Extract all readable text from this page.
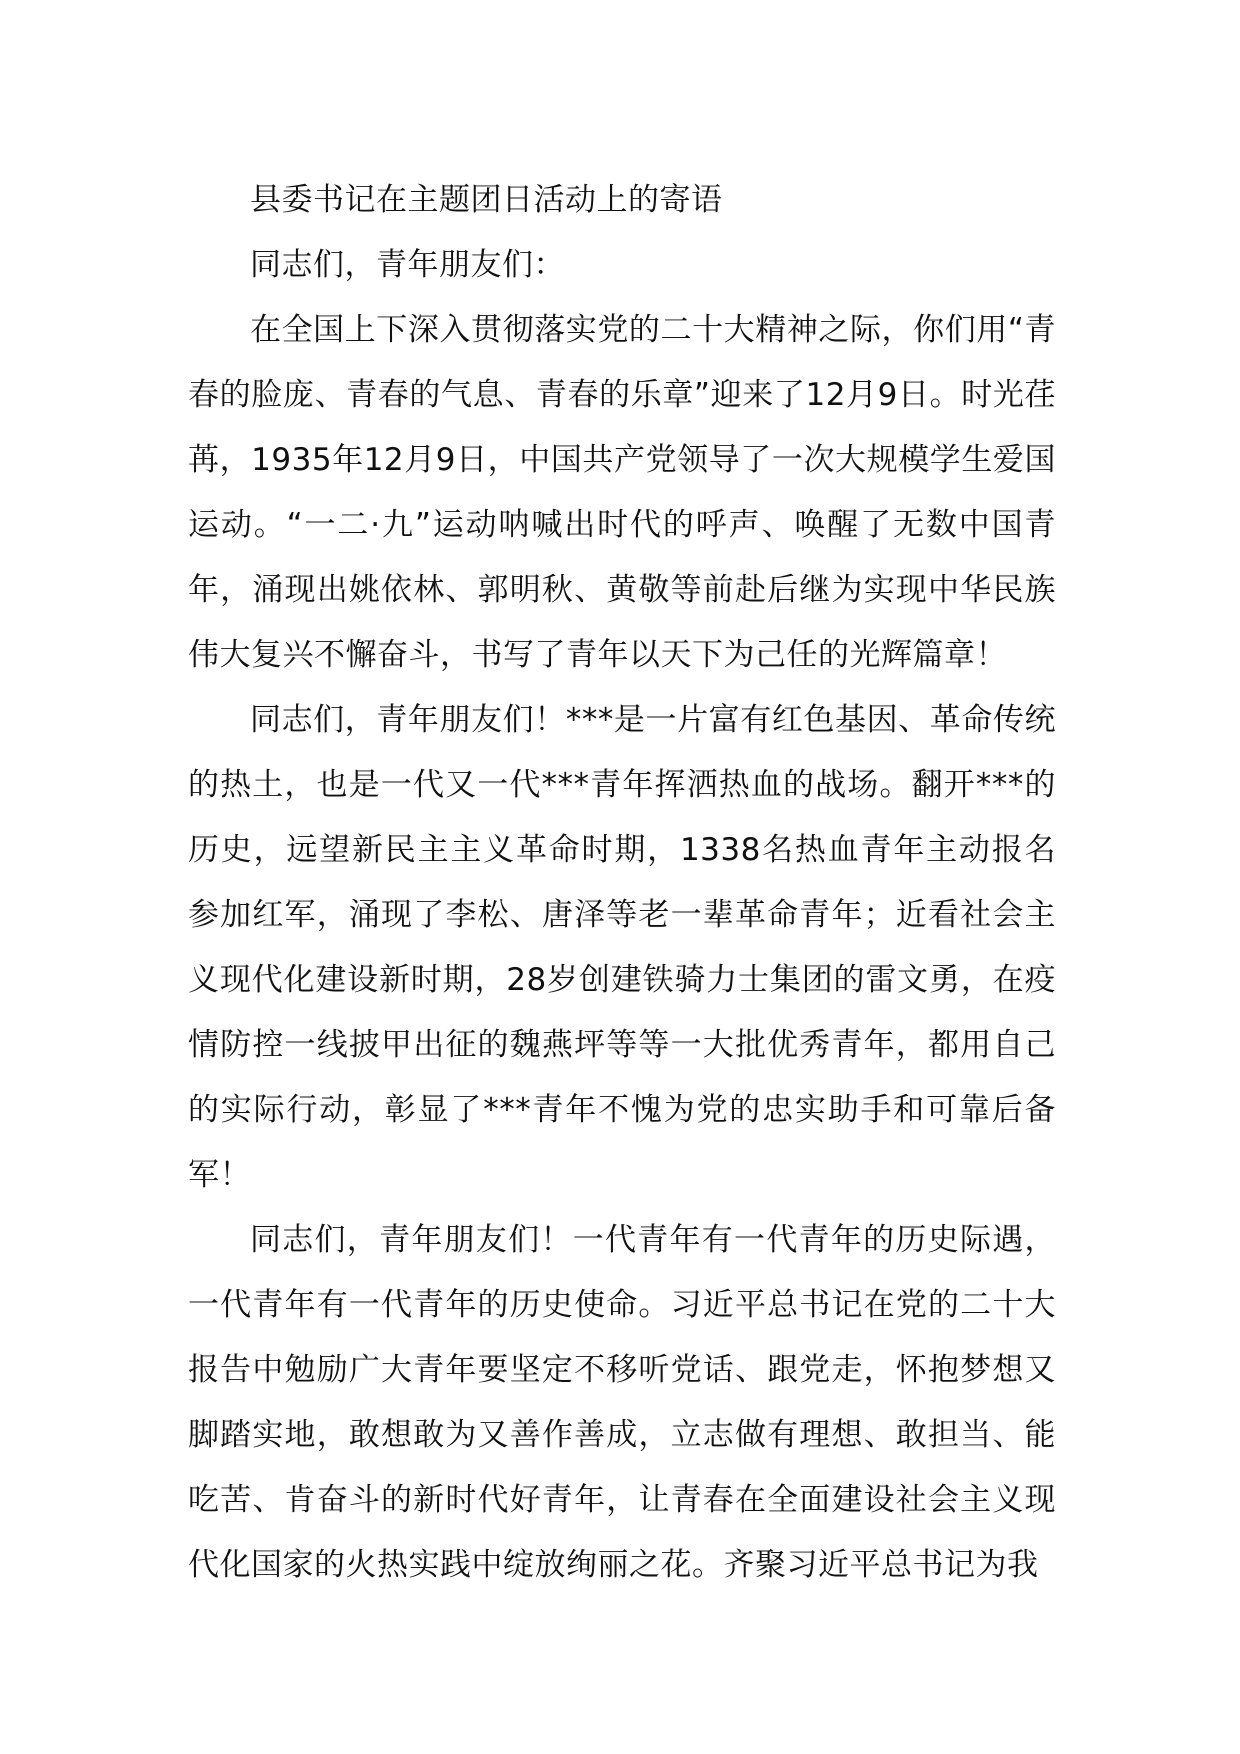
县委书记在主题团日活动上的寄语

同志们，青年朋友们：

在全国上下深入贯彻落实党的二十大精神之际，你们用“青春的脸庞、青春的气息、青春的乐章”迎来了12月9日。时光荏苒，1935年12月9日，中国共产党领导了一次大规模学生爱国运动。“一二·九”运动呐喊出时代的呼声、唤醒了无数中国青年，涌现出姚依林、郭明秋、黄敬等前赴后继为实现中华民族伟大复兴不懈奋斗，书写了青年以天下为己任的光辉篇章！

同志们，青年朋友们！***是一片富有红色基因、革命传统的热土，也是一代又一代***青年挥洒热血的战场。翻开***的历史，远望新民主主义革命时期，1338名热血青年主动报名参加红军，涌现了李松、唐泽等老一辈革命青年；近看社会主义现代化建设新时期，28岁创建铁骑力士集团的雷文勇，在疫情防控一线披甲出征的魏燕坪等等一大批优秀青年，都用自己的实际行动，彰显了***青年不愧为党的忠实助手和可靠后备军！

同志们，青年朋友们！一代青年有一代青年的历史际遇，一代青年有一代青年的历史使命。习近平总书记在党的二十大报告中勉励广大青年要坚定不移听党话、跟党走，怀抱梦想又脚踏实地，敢想敢为又善作善成，立志做有理想、敢担当、能吃苦、肯奋斗的新时代好青年，让青春在全面建设社会主义现代化国家的火热实践中绽放绚丽之花。齐聚习近平总书记为我
